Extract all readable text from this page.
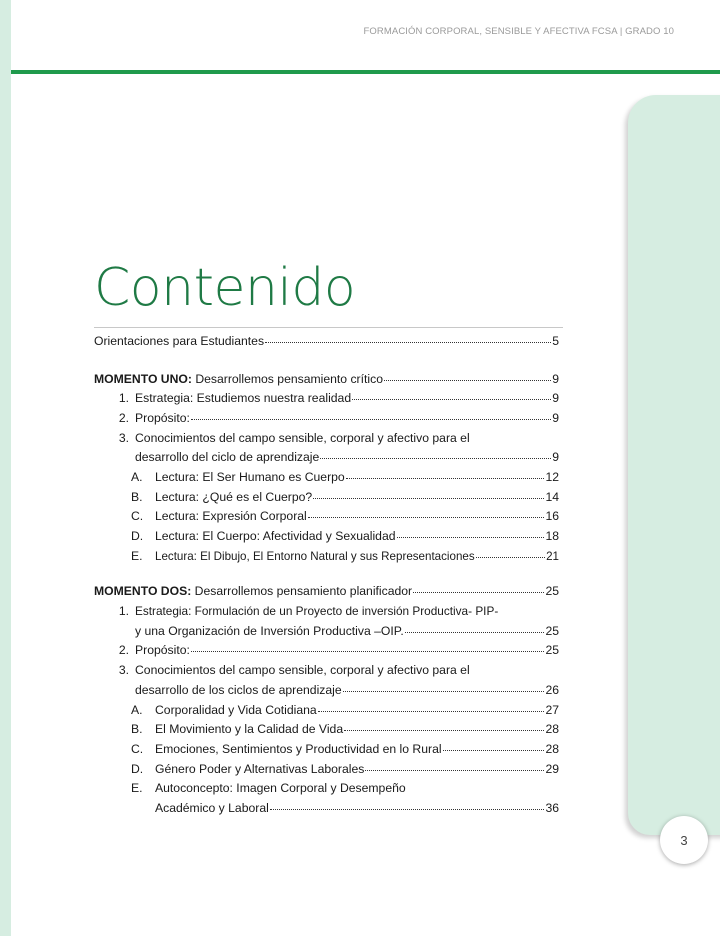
FORMACIÓN CORPORAL, SENSIBLE Y AFECTIVA FCSA | GRADO 10
3
Contenido
Orientaciones para Estudiantes	5
MOMENTO UNO: Desarrollemos pensamiento crítico	9
1. Estrategia: Estudiemos nuestra realidad	9
2. Propósito:	9
3. Conocimientos del campo sensible, corporal y afectivo para el
desarrollo del ciclo de aprendizaje	9
A.	Lectura: El Ser Humano es Cuerpo	12
B.	Lectura: ¿Qué es el Cuerpo?	14
C. Lectura: Expresión Corporal	16
D. Lectura: El Cuerpo: Afectividad y Sexualidad	18
E.	Lectura: El Dibujo, El Entorno Natural y sus Representaciones	21
MOMENTO DOS: Desarrollemos pensamiento planificador	25
1. Estrategia: Formulación de un Proyecto de inversión Productiva- PIP-
y una Organización de Inversión Productiva –OIP.	25
2. Propósito:	25
3. Conocimientos del campo sensible, corporal y afectivo para el
desarrollo de los ciclos de aprendizaje	26
A.	Corporalidad y Vida Cotidiana	27
B.	El Movimiento y la Calidad de Vida	28
C. Emociones, Sentimientos y Productividad en lo Rural	28
D. Género Poder y Alternativas Laborales	29
E.	Autoconcepto: Imagen Corporal y Desempeño
Académico y Laboral	36
